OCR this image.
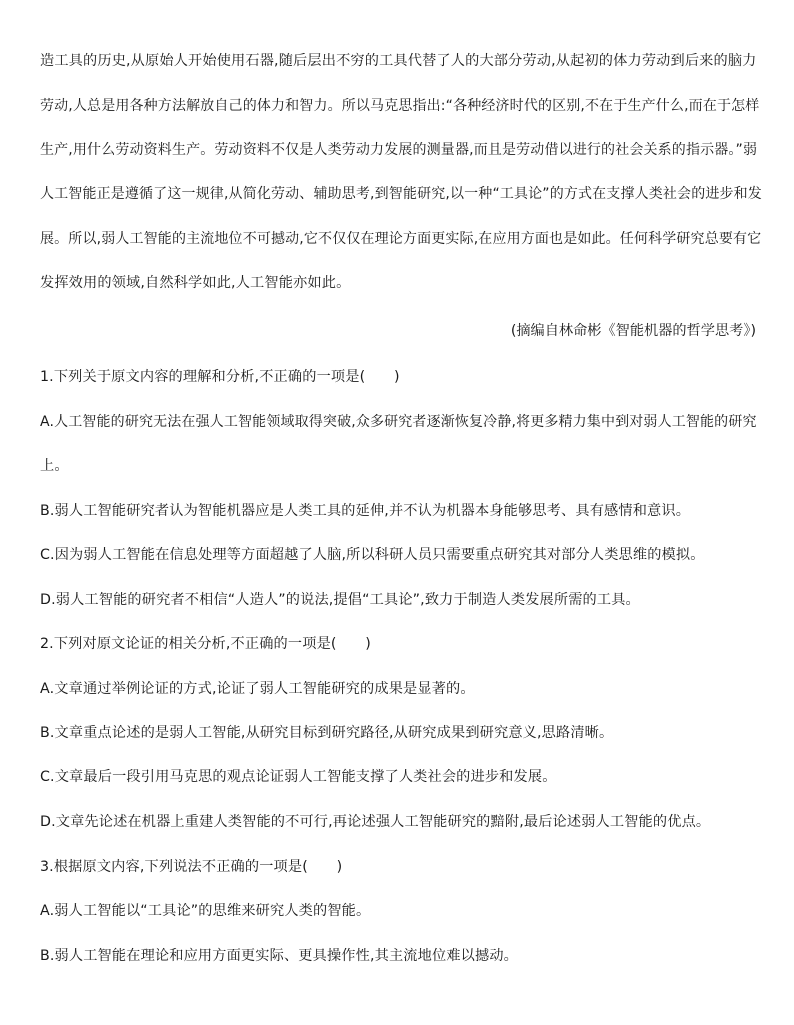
造工具的历史,从原始人开始使用石器,随后层出不穷的工具代替了人的大部分劳动,从起初的体力劳动到后来的脑力
劳动,人总是用各种方法解放自己的体力和智力。所以马克思指出:“各种经济时代的区别,不在于生产什么,而在于怎样
生产,用什么劳动资料生产。劳动资料不仅是人类劳动力发展的测量器,而且是劳动借以进行的社会关系的指示器。”弱
人工智能正是遵循了这一规律,从简化劳动、辅助思考,到智能研究,以一种“工具论”的方式在支撑人类社会的进步和发
展。所以,弱人工智能的主流地位不可撼动,它不仅仅在理论方面更实际,在应用方面也是如此。任何科学研究总要有它
发挥效用的领域,自然科学如此,人工智能亦如此。
(摘编自林命彬《智能机器的哲学思考》)
1.下列关于原文内容的理解和分析,不正确的一项是(　　)
A.人工智能的研究无法在强人工智能领域取得突破,众多研究者逐渐恢复冷静,将更多精力集中到对弱人工智能的研究
上。
B.弱人工智能研究者认为智能机器应是人类工具的延伸,并不认为机器本身能够思考、具有感情和意识。
C.因为弱人工智能在信息处理等方面超越了人脑,所以科研人员只需要重点研究其对部分人类思维的模拟。
D.弱人工智能的研究者不相信“人造人”的说法,提倡“工具论”,致力于制造人类发展所需的工具。
2.下列对原文论证的相关分析,不正确的一项是(　　)
A.文章通过举例论证的方式,论证了弱人工智能研究的成果是显著的。
B.文章重点论述的是弱人工智能,从研究目标到研究路径,从研究成果到研究意义,思路清晰。
C.文章最后一段引用马克思的观点论证弱人工智能支撑了人类社会的进步和发展。
D.文章先论述在机器上重建人类智能的不可行,再论述强人工智能研究的黯附,最后论述弱人工智能的优点。
3.根据原文内容,下列说法不正确的一项是(　　)
A.弱人工智能以“工具论”的思维来研究人类的智能。
B.弱人工智能在理论和应用方面更实际、更具操作性,其主流地位难以撼动。
